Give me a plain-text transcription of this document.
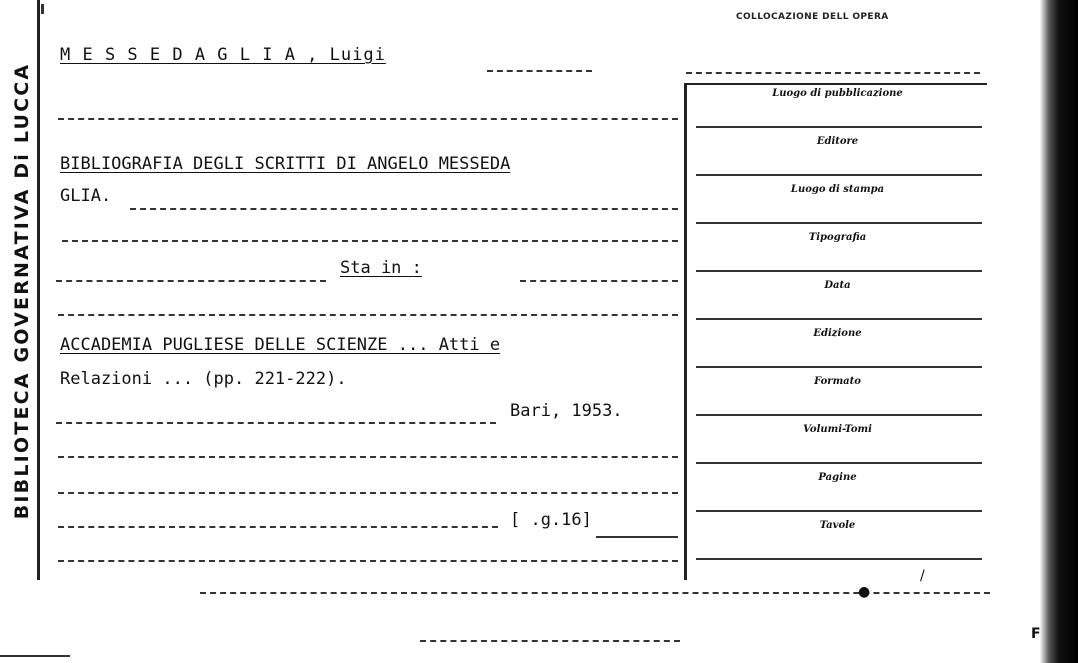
BIBLIOTECA GOVERNATIVA Di LUCCA
M E S S E D A G L I A , Luigi
BIBLIOGRAFIA DEGLI SCRITTI DI ANGELO MESSEDA
GLIA.
Sta in :
ACCADEMIA PUGLIESE DELLE SCIENZE ... Atti e
Relazioni ... (pp. 221-222).
Bari, 1953.
[ .g.16]
COLLOCAZIONE DELL OPERA
Luogo di pubblicazione
Editore
Luogo di stampa
Tipografia
Data
Edizione
Formato
Volumi-Tomi
Pagine
Tavole
●
/
F
